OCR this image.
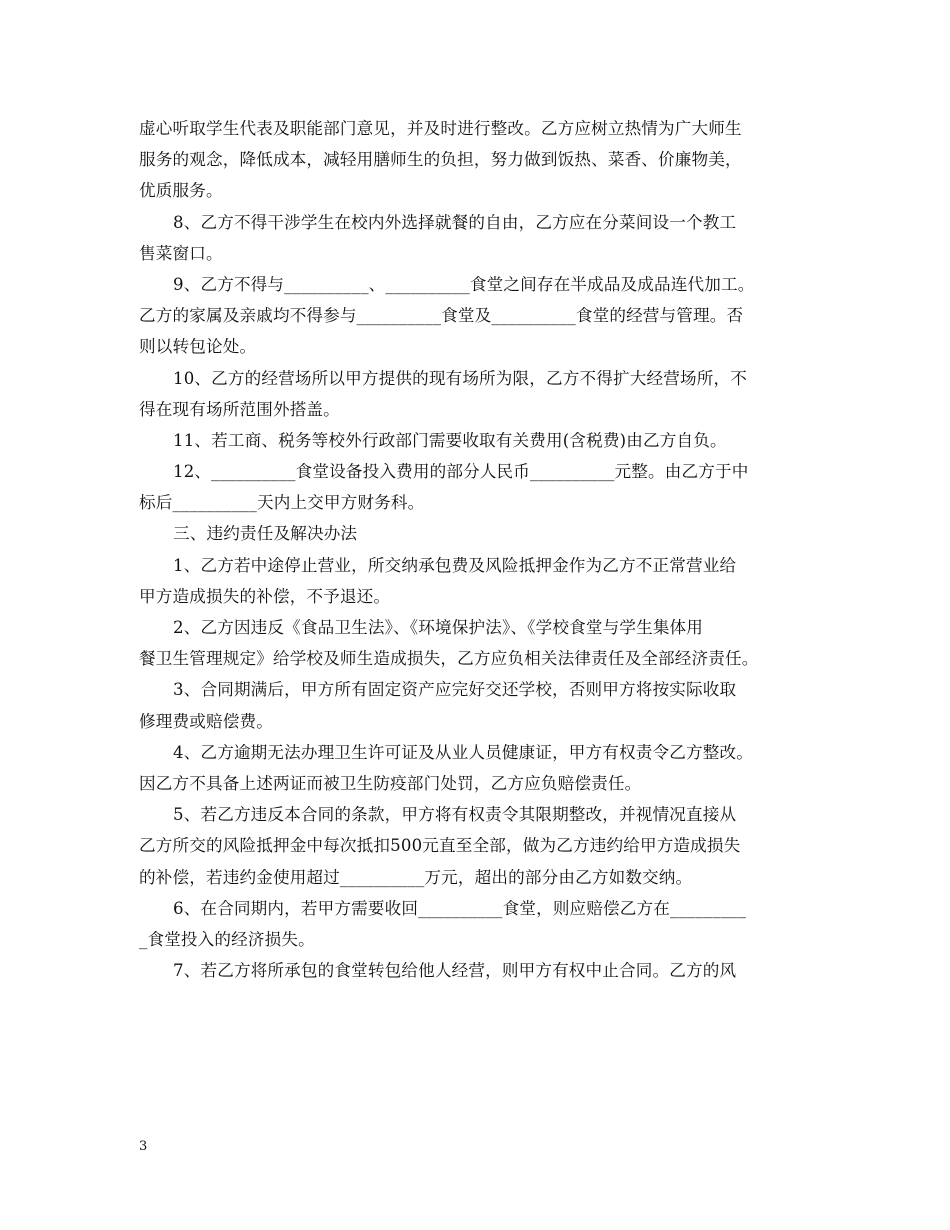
虚心听取学生代表及职能部门意见，并及时进行整改。乙方应树立热情为广大师生
服务的观念，降低成本，减轻用膳师生的负担，努力做到饭热、菜香、价廉物美，
优质服务。
8、乙方不得干涉学生在校内外选择就餐的自由，乙方应在分菜间设一个教工
售菜窗口。
9、乙方不得与__________、__________食堂之间存在半成品及成品连代加工。
乙方的家属及亲戚均不得参与__________食堂及__________食堂的经营与管理。否
则以转包论处。
10、乙方的经营场所以甲方提供的现有场所为限，乙方不得扩大经营场所，不
得在现有场所范围外搭盖。
11、若工商、税务等校外行政部门需要收取有关费用(含税费)由乙方自负。
12、__________食堂设备投入费用的部分人民币__________元整。由乙方于中
标后__________天内上交甲方财务科。
三、违约责任及解决办法
1、乙方若中途停止营业，所交纳承包费及风险抵押金作为乙方不正常营业给
甲方造成损失的补偿，不予退还。
2、乙方因违反《食品卫生法》、《环境保护法》、《学校食堂与学生集体用
餐卫生管理规定》给学校及师生造成损失，乙方应负相关法律责任及全部经济责任。
3、合同期满后，甲方所有固定资产应完好交还学校，否则甲方将按实际收取
修理费或赔偿费。
4、乙方逾期无法办理卫生许可证及从业人员健康证，甲方有权责令乙方整改。
因乙方不具备上述两证而被卫生防疫部门处罚，乙方应负赔偿责任。
5、若乙方违反本合同的条款，甲方将有权责令其限期整改，并视情况直接从
乙方所交的风险抵押金中每次抵扣500元直至全部，做为乙方违约给甲方造成损失
的补偿，若违约金使用超过__________万元，超出的部分由乙方如数交纳。
6、在合同期内，若甲方需要收回__________食堂，则应赔偿乙方在_________
_食堂投入的经济损失。
7、若乙方将所承包的食堂转包给他人经营，则甲方有权中止合同。乙方的风
3
